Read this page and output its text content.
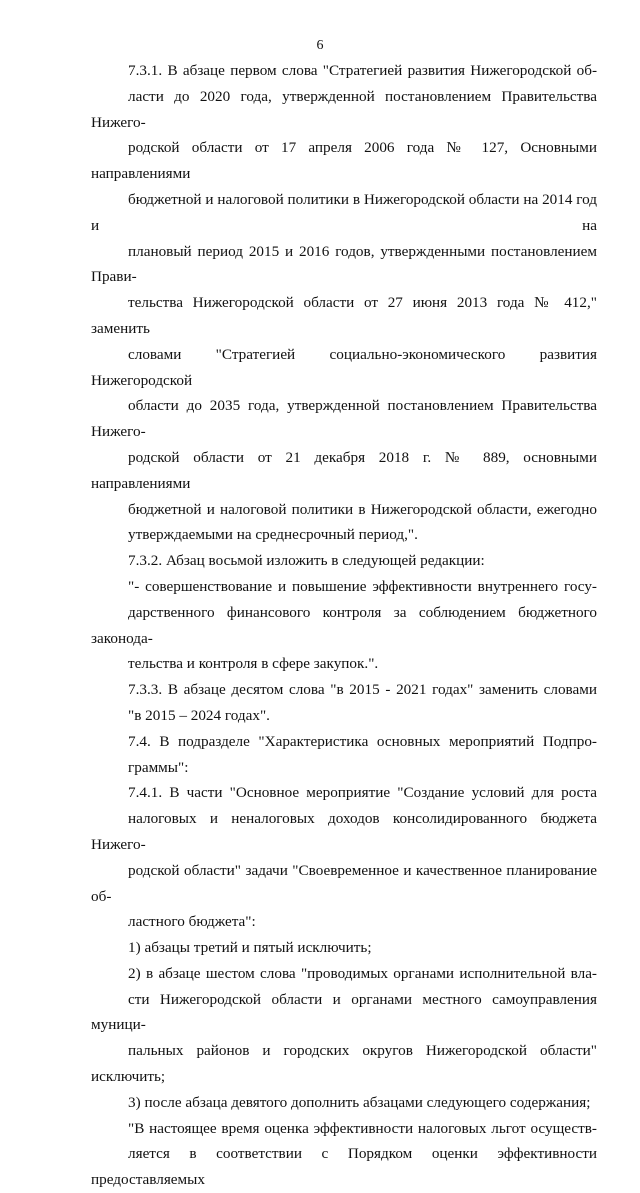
6

7.3.1. В абзаце первом слова "Стратегией развития Нижегородской об-
ласти до 2020 года, утвержденной постановлением Правительства Нижего-
родской области от 17 апреля 2006 года № 127, Основными направлениями
бюджетной и налоговой политики в Нижегородской области на 2014 год и на
плановый период 2015 и 2016 годов, утвержденными постановлением Прави-
тельства Нижегородской области от 27 июня 2013 года № 412," заменить
словами "Стратегией социально-экономического развития Нижегородской
области до 2035 года, утвержденной постановлением Правительства Нижего-
родской области от 21 декабря 2018 г. № 889, основными направлениями
бюджетной и налоговой политики в Нижегородской области, ежегодно
утверждаемыми на среднесрочный период,".

7.3.2. Абзац восьмой изложить в следующей редакции:

"- совершенствование и повышение эффективности внутреннего госу-
дарственного финансового контроля за соблюдением бюджетного законода-
тельства и контроля в сфере закупок.".

7.3.3. В абзаце десятом слова "в 2015 - 2021 годах" заменить словами
"в 2015 – 2024 годах".

7.4. В подразделе "Характеристика основных мероприятий Подпро-
граммы":

7.4.1. В части "Основное мероприятие "Создание условий для роста
налоговых и неналоговых доходов консолидированного бюджета Нижего-
родской области" задачи "Своевременное и качественное планирование об-
ластного бюджета":

1) абзацы третий и пятый исключить;

2) в абзаце шестом слова "проводимых органами исполнительной вла-
сти Нижегородской области и органами местного самоуправления муници-
пальных районов и городских округов Нижегородской области" исключить;

3) после абзаца девятого дополнить абзацами следующего содержания;

"В настоящее время оценка эффективности налоговых льгот осуществ-
ляется в соответствии с Порядком оценки эффективности предоставляемых
